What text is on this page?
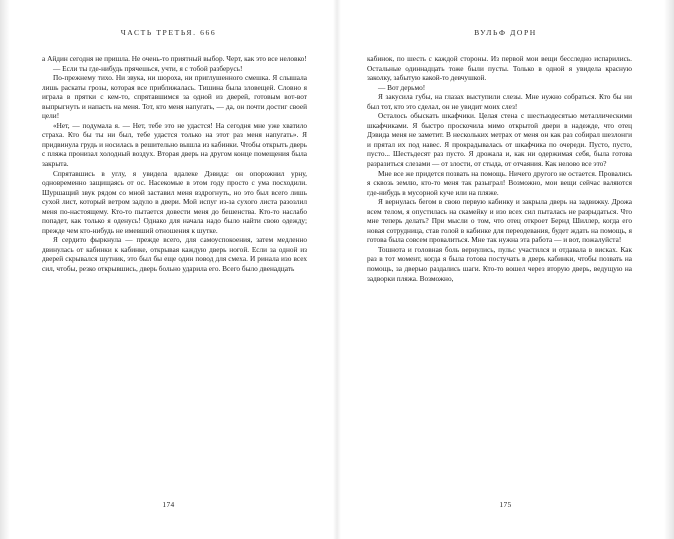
ЧАСТЬ ТРЕТЬЯ. 666

а Айдин сегодня не пришла. Не очень-то приятный выбор. Черт, как это все неловко!

— Если ты где-нибудь прячешься, учти, я с тобой разберусь!

По-прежнему тихо. Ни звука, ни шороха, ни приглушенного смешка. Я слышала лишь раскаты грозы, которая все приближалась. Тишина была зловещей. Словно я играла в прятки с кем-то, спрятавшимся за одной из дверей, готовым вот-вот выпрыгнуть и напасть на меня. Тот, кто меня напугать, — да, он почти достиг своей цели!

«Нет, — подумала я. — Нет, тебе это не удастся! На сегодня мне уже хватило страха. Кто бы ты ни был, тебе удастся только на этот раз меня напугать». Я придвинула грудь и носилась в решительно вышла из кабинки. Чтобы открыть дверь с пляжа пронизал холодный воздух. Вторая дверь на другом конце помещения была закрыта.

Спрятавшись в углу, я увидела вдалеке Дэвида: он опорожнил урну, одновременно защищаясь от ос. Насекомые в этом году просто с ума посходили. Шуршащий звук рядом со мной заставил меня вздрогнуть, но это был всего лишь сухой лист, который ветром задуло в двери. Мой испуг из-за сухого листа разозлил меня по-настоящему. Кто-то пытается довести меня до бешенства. Кто-то наслабо попадет, как только я оденусь! Однако для начала надо было найти свою одежду; прежде чем кто-нибудь не имевший отношения к шутке.

Я сердито фыркнула — прежде всего, для самоуспокоения, затем медленно двинулась от кабинки к кабинке, открывая каждую дверь ногой. Если за одной из дверей скрывался шутник, это был бы еще один повод для смеха. И ринала изо всех сил, чтобы, резко открывшись, дверь больно ударила его. Всего было двенадцать

174
ВУЛЬФ ДОРН

кабинок, по шесть с каждой стороны. Из первой мои вещи бесследно испарились. Остальные одиннадцать тоже были пусты. Только в одной я увидела красную заколку, забытую какой-то девчушкой.

— Вот дерьмо!

Я закусила губы, на глазах выступили слезы. Мне нужно собраться. Кто бы ни был тот, кто это сделал, он не увидит моих слез!

Осталось обыскать шкафчики. Целая стена с шестьюдесятью металлическими шкафчиками. Я быстро проскочила мимо открытой двери в надежде, что отец Дэвида меня не заметит. В нескольких метрах от меня он как раз собирал шезлонги и прятал их под навес. Я прокрадывалась от шкафчика по очереди. Пусто, пусто, пусто... Шестьдесят раз пусто. Я дрожала и, как ни одержимая себя, была готова разразиться слезами — от злости, от стыда, от отчаяния. Как нелово все это?

Мне все же придется позвать на помощь. Ничего другого не остается. Провались я сквозь землю, кто-то меня так разыграл! Возможно, мои вещи сейчас валяются где-нибудь в мусорной куче или на пляже.

Я вернулась бегом в свою первую кабинку и закрыла дверь на задвижку. Дрожа всем телом, я опустилась на скамейку и изо всех сил пыталась не разрыдаться. Что мне теперь делать? При мысли о том, что отец откроет Бернд Шиллер, когда его новая сотрудница, став голой в кабинке для переодевания, будет ждать на помощь, я готова была совсем провалиться. Мне так нужна эта работа — и вот, пожалуйста!

Тошнота и головная боль вернулись, пульс участился и отдавала в висках. Как раз в тот момент, когда я была готова постучать в дверь кабинки, чтобы позвать на помощь, за дверью раздались шаги. Кто-то вошел через вторую дверь, ведущую на задворки пляжа. Возможно,

175
